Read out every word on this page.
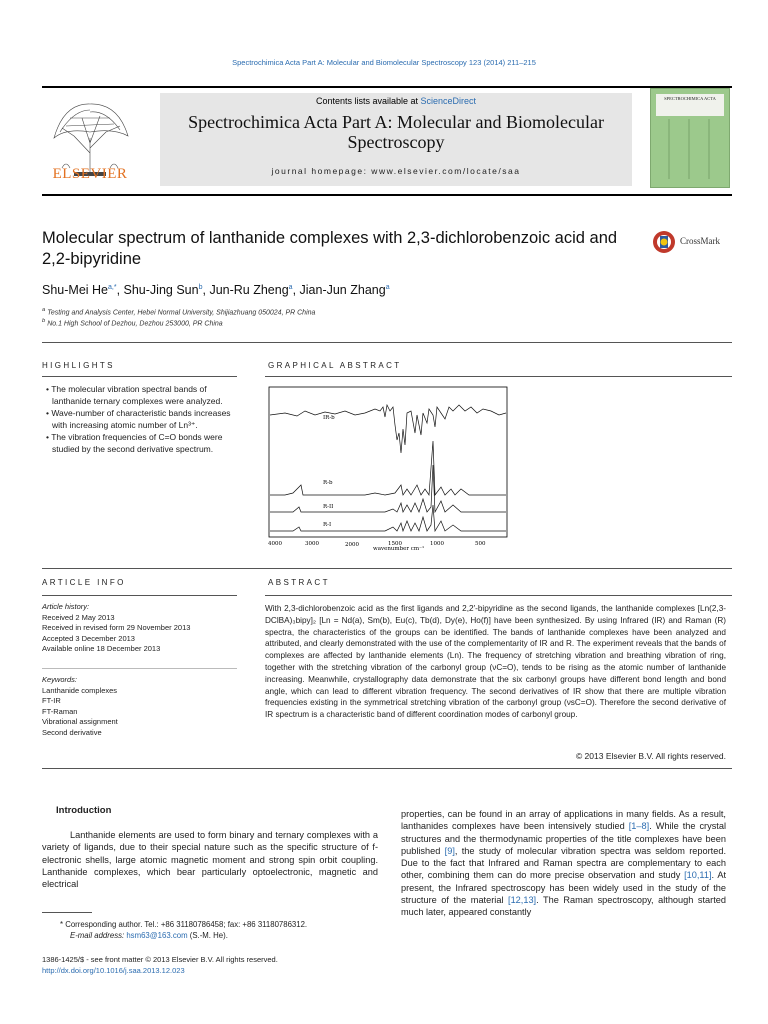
Spectrochimica Acta Part A: Molecular and Biomolecular Spectroscopy 123 (2014) 211–215
ELSEVIER
Contents lists available at ScienceDirect
Spectrochimica Acta Part A: Molecular and Biomolecular Spectroscopy
journal homepage: www.elsevier.com/locate/saa
SPECTROCHIMICA ACTA
Molecular spectrum of lanthanide complexes with 2,3-dichlorobenzoic acid and 2,2-bipyridine
CrossMark
Shu-Mei $He^{a,*}$, Shu-Jing Sun$^b$, Jun-Ru Zheng$^a$, Jian-Jun Zhang$^a$
$^a$ Testing and Analysis Center, Hebei Normal University, Shijiazhuang 050024, PR China
$^b$ No.1 High School of Dezhou, Dezhou 253000, PR China
HIGHLIGHTS	GRAPHICAL ABSTRACT
• The molecular vibration spectral bands of lanthanide ternary complexes were analyzed.
• Wave-number of characteristic bands increases with increasing atomic number of Ln³⁺.
• The vibration frequencies of C=O bonds were studied by the second derivative spectrum.
IR-b
R-b
R-II
R-I
4000	3000	2000	1500	1000	500
wavenumber cm⁻¹
ARTICLE INFO	ABSTRACT
Article history:
Received 2 May 2013
Received in revised form 29 November 2013
Accepted 3 December 2013
Available online 18 December 2013
Keywords:
Lanthanide complexes
FT-IR
FT-Raman
Vibrational assignment
Second derivative
With 2,3-dichlorobenzoic acid as the first ligands and 2,2′-bipyridine as the second ligands, the lanthanide complexes [Ln(2,3-DClBA)₃bipy]₂ [Ln = Nd(a), Sm(b), Eu(c), Tb(d), Dy(e), Ho(f)] have been synthesized. By using Infrared (IR) and Raman (R) spectra, the characteristics of the groups can be identified. The bands of lanthanide complexes have been analyzed and attributed, and clearly demonstrated with the use of the complementarity of IR and R. The experiment reveals that the bands of complexes are affected by lanthanide elements (Ln). The frequency of stretching vibration and breathing vibration of ring, together with the stretching vibration of the carbonyl group (νC=O), tends to be rising as the atomic number of lanthanide increasing. Meanwhile, crystallography data demonstrate that the six carbonyl groups have different bond length and bond angle, which can lead to different vibration frequency. The second derivatives of IR show that there are multiple vibration frequencies existing in the symmetrical stretching vibration of the carbonyl group (νsC=O). Therefore the second derivative of IR spectrum is a characteristic band of different coordination modes of carbonyl group.
© 2013 Elsevier B.V. All rights reserved.
Introduction
Lanthanide elements are used to form binary and ternary complexes with a variety of ligands, due to their special nature such as the specific structure of f-electronic shells, large atomic magnetic moment and strong spin orbit coupling. Lanthanide complexes, which bear particularly optoelectronic, magnetic and electrical
properties, can be found in an array of applications in many fields. As a result, lanthanides complexes have been intensively studied [1–8]. While the crystal structures and the thermodynamic properties of the title complexes have been published [9], the study of molecular vibration spectra was seldom reported. Due to the fact that Infrared and Raman spectra are complementary to each other, combining them can do more precise observation and study [10,11]. At present, the Infrared spectroscopy has been widely used in the study of the structure of the material [12,13]. The Raman spectroscopy, although started much later, appeared constantly
* Corresponding author. Tel.: +86 31180786458; fax: +86 31180786312.
E-mail address: hsm63@163.com (S.-M. He).
1386-1425/$ - see front matter © 2013 Elsevier B.V. All rights reserved.
http://dx.doi.org/10.1016/j.saa.2013.12.023
